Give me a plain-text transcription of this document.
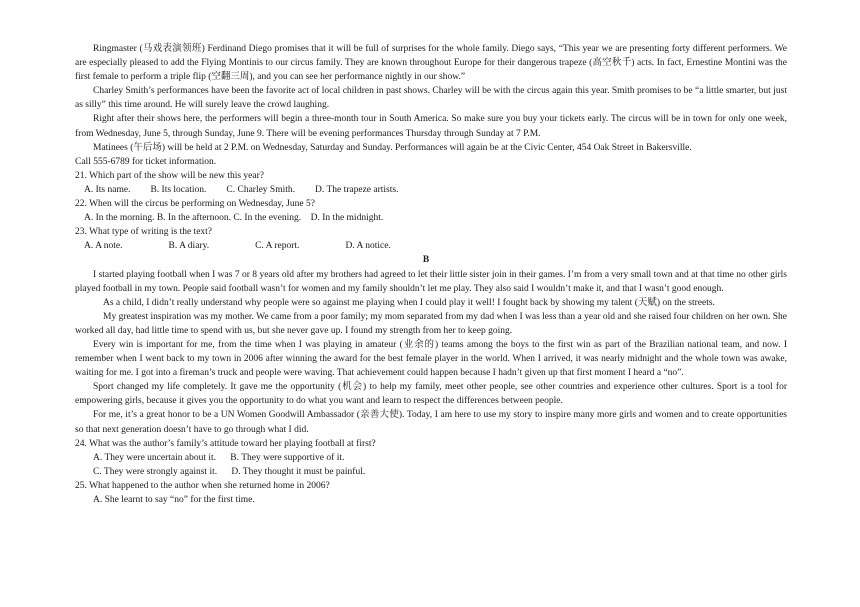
Ringmaster (马戏表演领班) Ferdinand Diego promises that it will be full of surprises for the whole family. Diego says, “This year we are presenting forty different performers. We are especially pleased to add the Flying Montinis to our circus family. They are known throughout Europe for their dangerous trapeze (高空秋千) acts. In fact, Ernestine Montini was the first female to perform a triple flip (空翻三周), and you can see her performance nightly in our show.”

Charley Smith’s performances have been the favorite act of local children in past shows. Charley will be with the circus again this year. Smith promises to be “a little smarter, but just as silly” this time around. He will surely leave the crowd laughing.

Right after their shows here, the performers will begin a three-month tour in South America. So make sure you buy your tickets early. The circus will be in town for only one week, from Wednesday, June 5, through Sunday, June 9. There will be evening performances Thursday through Sunday at 7 P.M.

Matinees (午后场) will be held at 2 P.M. on Wednesday, Saturday and Sunday. Performances will again be at the Civic Center, 454 Oak Street in Bakersville.

Call 555-6789 for ticket information.

21. Which part of the show will be new this year?

A. Its name. B. Its location. C. Charley Smith. D. The trapeze artists.

22. When will the circus be performing on Wednesday, June 5?

A. In the morning. B. In the afternoon. C. In the evening. D. In the midnight.

23. What type of writing is the text?

A. A note.	B. A diary.	C. A report.	D. A notice.

B

I started playing football when I was 7 or 8 years old after my brothers had agreed to let their little sister join in their games. I’m from a very small town and at that time no other girls played football in my town. People said football wasn’t for women and my family shouldn’t let me play. They also said I wouldn’t make it, and that I wasn’t good enough.

As a child, I didn’t really understand why people were so against me playing when I could play it well! I fought back by showing my talent (天赋) on the streets.

My greatest inspiration was my mother. We came from a poor family; my mom separated from my dad when I was less than a year old and she raised four children on her own. She worked all day, had little time to spend with us, but she never gave up. I found my strength from her to keep going.

Every win is important for me, from the time when I was playing in amateur (业余的) teams among the boys to the first win as part of the Brazilian national team, and now. I remember when I went back to my town in 2006 after winning the award for the best female player in the world. When I arrived, it was nearly midnight and the whole town was awake, waiting for me. I got into a fireman’s truck and people were waving. That achievement could happen because I hadn’t given up that first moment I heard a “no”.

Sport changed my life completely. It gave me the opportunity (机会) to help my family, meet other people, see other countries and experience other cultures. Sport is a tool for empowering girls, because it gives you the opportunity to do what you want and learn to respect the differences between people.

For me, it’s a great honor to be a UN Women Goodwill Ambassador (亲善大使). Today, I am here to use my story to inspire many more girls and women and to create opportunities so that next generation doesn’t have to go through what I did.

24. What was the author’s family’s attitude toward her playing football at first?

A. They were uncertain about it. B. They were supportive of it.

C. They were strongly against it. D. They thought it must be painful.

25. What happened to the author when she returned home in 2006?

A. She learnt to say “no” for the first time.
